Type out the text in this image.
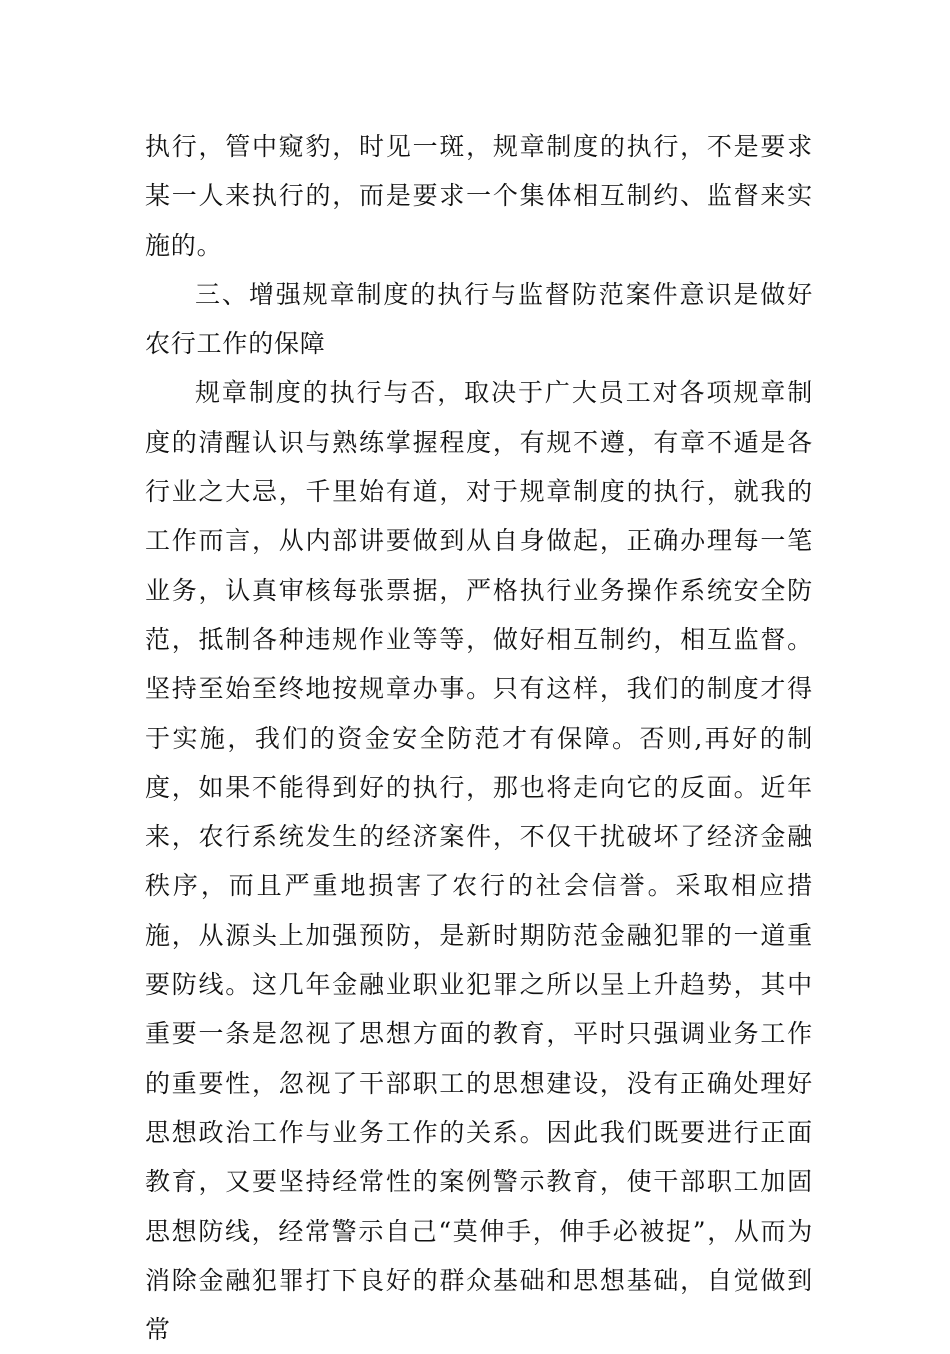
执行，管中窥豹，时见一斑，规章制度的执行，不是要求某一人来执行的，而是要求一个集体相互制约、监督来实施的。

三、增强规章制度的执行与监督防范案件意识是做好农行工作的保障

规章制度的执行与否，取决于广大员工对各项规章制度的清醒认识与熟练掌握程度，有规不遵，有章不遁是各行业之大忌，千里始有道，对于规章制度的执行，就我的工作而言，从内部讲要做到从自身做起，正确办理每一笔业务，认真审核每张票据，严格执行业务操作系统安全防范，抵制各种违规作业等等，做好相互制约，相互监督。坚持至始至终地按规章办事。只有这样，我们的制度才得于实施，我们的资金安全防范才有保障。否则,再好的制度，如果不能得到好的执行，那也将走向它的反面。近年来，农行系统发生的经济案件，不仅干扰破坏了经济金融秩序，而且严重地损害了农行的社会信誉。采取相应措施，从源头上加强预防，是新时期防范金融犯罪的一道重要防线。这几年金融业职业犯罪之所以呈上升趋势，其中重要一条是忽视了思想方面的教育，平时只强调业务工作的重要性，忽视了干部职工的思想建设，没有正确处理好思想政治工作与业务工作的关系。因此我们既要进行正面教育，又要坚持经常性的案例警示教育，使干部职工加固思想防线，经常警示自己“莫伸手，伸手必被捉”，从而为消除金融犯罪打下良好的群众基础和思想基础，自觉做到常
